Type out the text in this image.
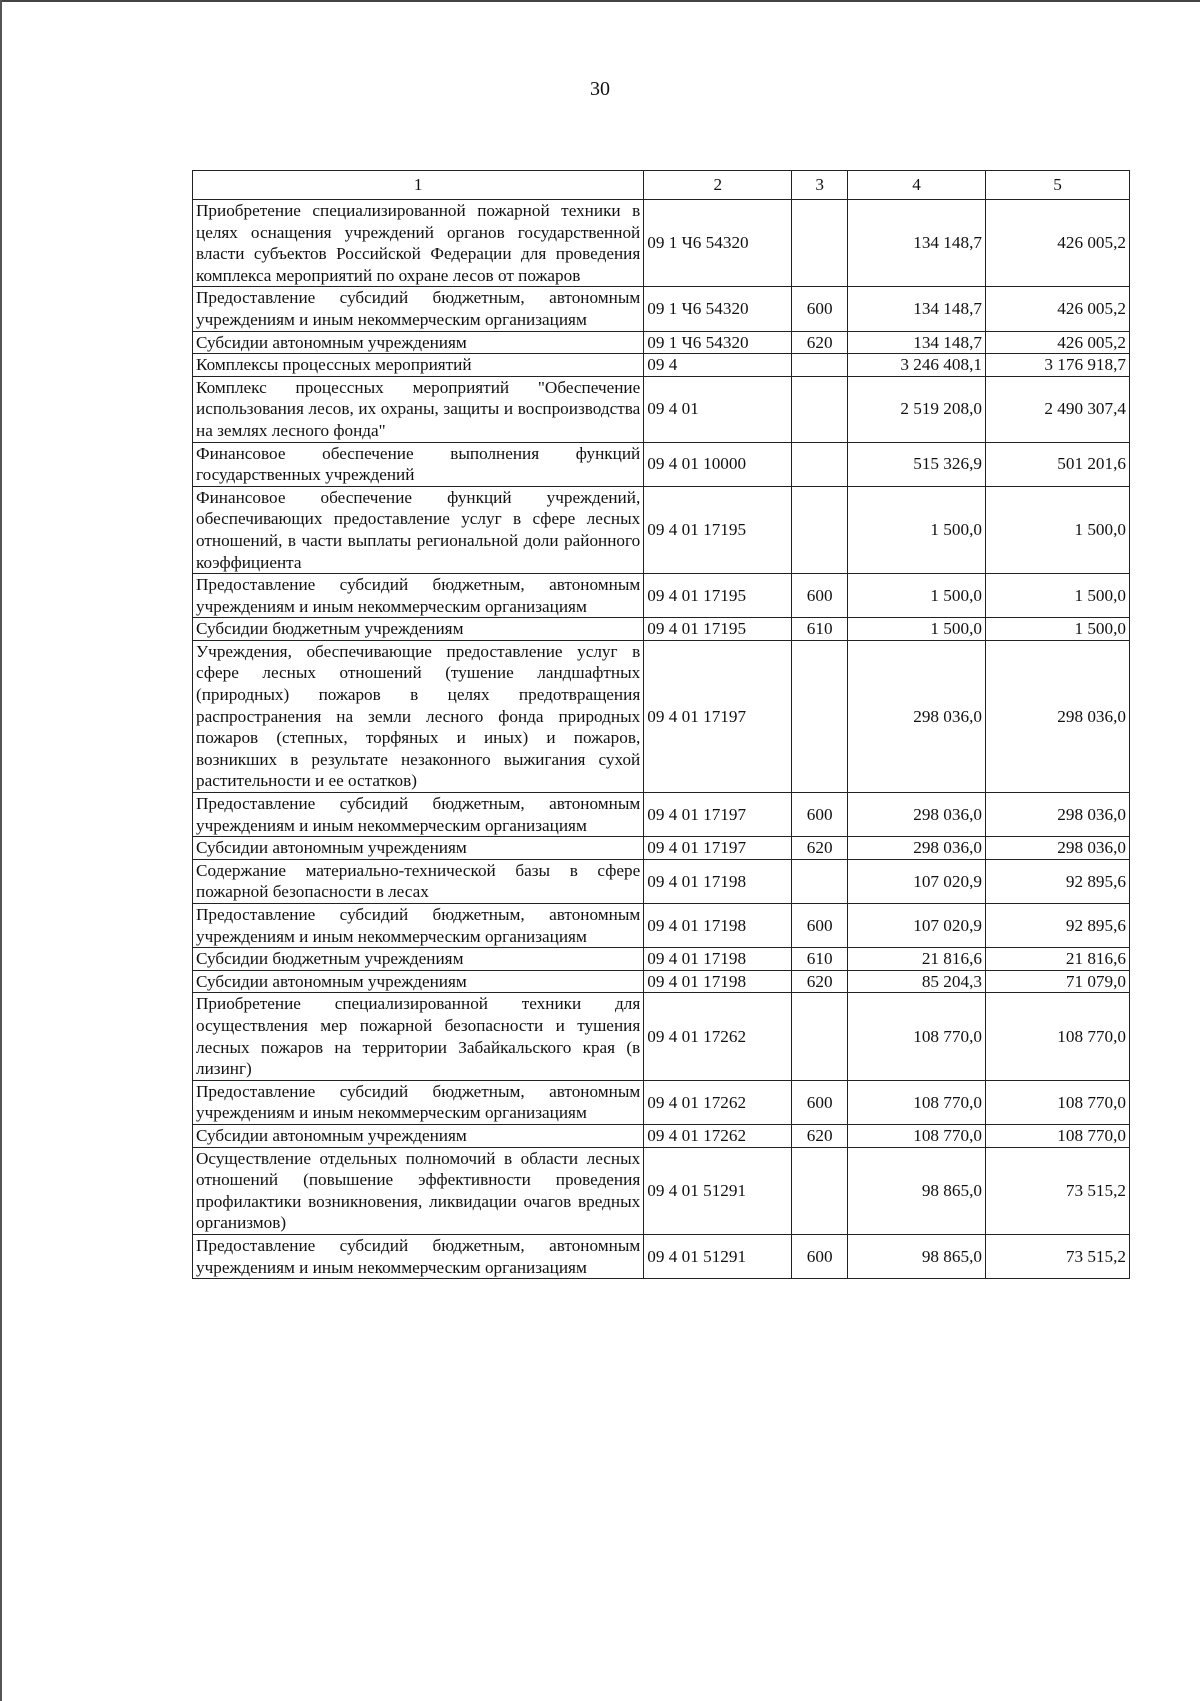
30
1	2	3	4	5
Приобретение специализированной пожарной техники в целях оснащения учреждений органов государственной власти субъектов Российской Федерации для проведения комплекса мероприятий по охране лесов от пожаров	09 1 Ч6 54320		134 148,7	426 005,2
Предоставление субсидий бюджетным, автономным учреждениям и иным некоммерческим организациям	09 1 Ч6 54320	600	134 148,7	426 005,2
Субсидии автономным учреждениям	09 1 Ч6 54320	620	134 148,7	426 005,2
Комплексы процессных мероприятий	09 4		3 246 408,1	3 176 918,7
Комплекс процессных мероприятий "Обеспечение использования лесов, их охраны, защиты и воспроизводства на землях лесного фонда"	09 4 01		2 519 208,0	2 490 307,4
Финансовое обеспечение выполнения функций государственных учреждений	09 4 01 10000		515 326,9	501 201,6
Финансовое обеспечение функций учреждений, обеспечивающих предоставление услуг в сфере лесных отношений, в части выплаты региональной доли районного коэффициента	09 4 01 17195		1 500,0	1 500,0
Предоставление субсидий бюджетным, автономным учреждениям и иным некоммерческим организациям	09 4 01 17195	600	1 500,0	1 500,0
Субсидии бюджетным учреждениям	09 4 01 17195	610	1 500,0	1 500,0
Учреждения, обеспечивающие предоставление услуг в сфере лесных отношений (тушение ландшафтных (природных) пожаров в целях предотвращения распространения на земли лесного фонда природных пожаров (степных, торфяных и иных) и пожаров, возникших в результате незаконного выжигания сухой растительности и ее остатков)	09 4 01 17197		298 036,0	298 036,0
Предоставление субсидий бюджетным, автономным учреждениям и иным некоммерческим организациям	09 4 01 17197	600	298 036,0	298 036,0
Субсидии автономным учреждениям	09 4 01 17197	620	298 036,0	298 036,0
Содержание материально-технической базы в сфере пожарной безопасности в лесах	09 4 01 17198		107 020,9	92 895,6
Предоставление субсидий бюджетным, автономным учреждениям и иным некоммерческим организациям	09 4 01 17198	600	107 020,9	92 895,6
Субсидии бюджетным учреждениям	09 4 01 17198	610	21 816,6	21 816,6
Субсидии автономным учреждениям	09 4 01 17198	620	85 204,3	71 079,0
Приобретение специализированной техники для осуществления мер пожарной безопасности и тушения лесных пожаров на территории Забайкальского края (в лизинг)	09 4 01 17262		108 770,0	108 770,0
Предоставление субсидий бюджетным, автономным учреждениям и иным некоммерческим организациям	09 4 01 17262	600	108 770,0	108 770,0
Субсидии автономным учреждениям	09 4 01 17262	620	108 770,0	108 770,0
Осуществление отдельных полномочий в области лесных отношений (повышение эффективности проведения профилактики возникновения, ликвидации очагов вредных организмов)	09 4 01 51291		98 865,0	73 515,2
Предоставление субсидий бюджетным, автономным учреждениям и иным некоммерческим организациям	09 4 01 51291	600	98 865,0	73 515,2
